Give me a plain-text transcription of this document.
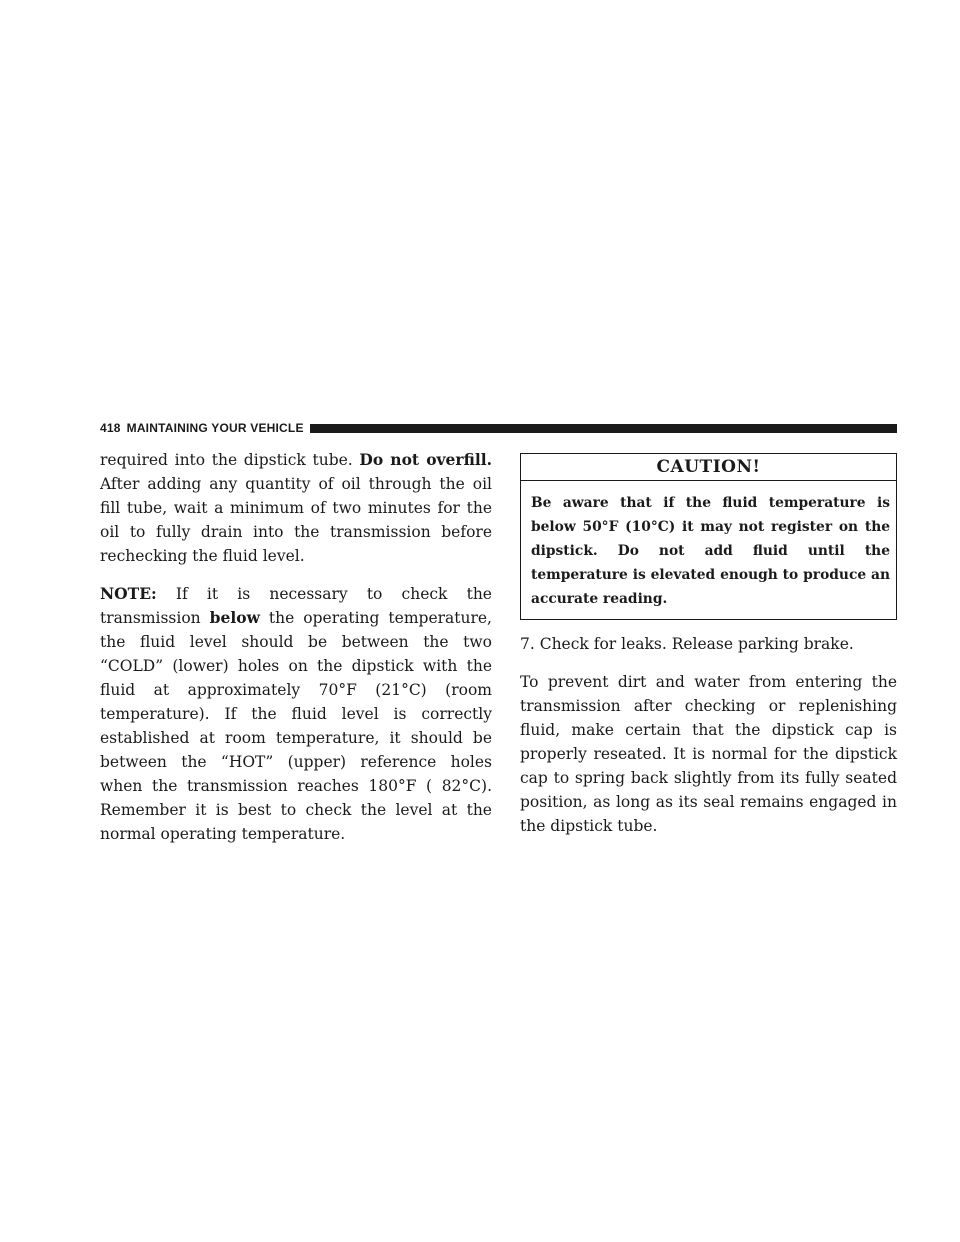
418 MAINTAINING YOUR VEHICLE

required into the dipstick tube. Do not overfill. After adding any quantity of oil through the oil fill tube, wait a minimum of two minutes for the oil to fully drain into the transmission before rechecking the fluid level.

NOTE: If it is necessary to check the transmission below the operating temperature, the fluid level should be between the two “COLD” (lower) holes on the dipstick with the fluid at approximately 70°F (21°C) (room temperature). If the fluid level is correctly established at room temperature, it should be between the “HOT” (upper) reference holes when the transmission reaches 180°F ( 82°C). Remember it is best to check the level at the normal operating temperature.

CAUTION!
Be aware that if the fluid temperature is below 50°F (10°C) it may not register on the dipstick. Do not add fluid until the temperature is elevated enough to produce an accurate reading.

7. Check for leaks. Release parking brake.

To prevent dirt and water from entering the transmission after checking or replenishing fluid, make certain that the dipstick cap is properly reseated. It is normal for the dipstick cap to spring back slightly from its fully seated position, as long as its seal remains engaged in the dipstick tube.
